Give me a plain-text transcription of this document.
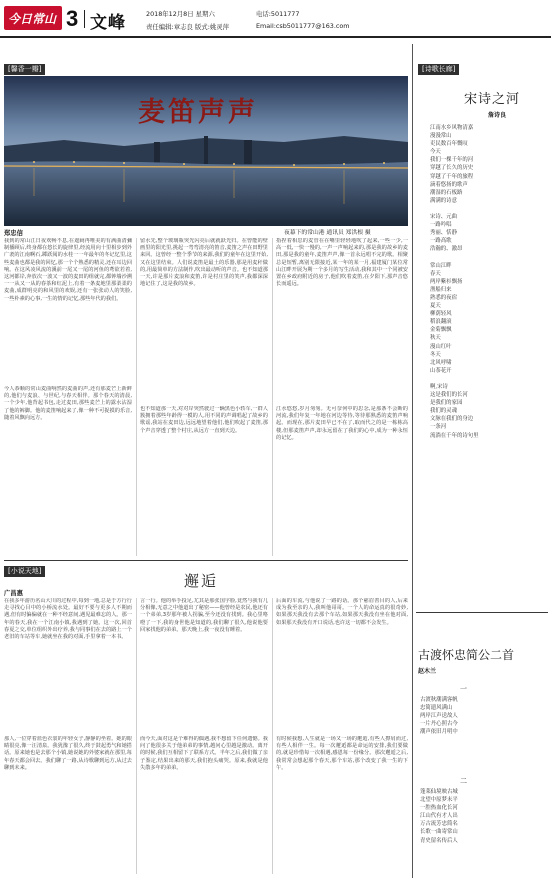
今日常山 3 文峰	2018年12月8日 星期六
责任编辑:章志良 版式:姚灵萍
电话:5011777
Email:csb5011777@163.com
[馨香一瓣]
麦笛声声
夜幕下的常山港 通讯员 郑洪根 摄
郑忠信
我到的常山江日夜欢畅不息,在遮阏再唯美的有满曲清彌制播顾后,终身都在悠长的旋律里,经流用向十里相步到外广袤的江南啊石,踯跃阅的水桂一一年最年的冬记忆里,这些麦曲也都是我的回忆,那一个个熟悉的精灵,还在耳边回响。在这风凌风流的溪前一尾又一尾的河鱼的鸢欲若着,这河都岸,奔放次一波又一波的麦田的组就完,都钟墙沙溯一一从又一从的春茶和红泥上,有着一条麦地里那柔柔的麦曲,成群明亮的和风里的欢娱,还有一张张动人的笑脸,一些朴素的心事,一生的情的记忆,那些年代的我们。
今人恭顺的常山麦曲响然的麦曲的声,还有那麦芒上新鲜的,他们与麦浪、与世纪,与春天相伴。那个春天的清晨,一个少年,他背起书包,走过麦田,那些麦芒上的露水沾湿了他的裤脚。他的麦笛响起来了,像一种不可捉摸的乐音,随着风飘向远方。
留水先,整个玻璃瓶突光闪亮后就就跃光归。在曾能的壁画里的阳光里,挑起一弯弯清亮的笛音,麦笛之声在田野里来回。这曾经一整个季节的来源,我们的童年在这里开始,又在这里结束。人们说麦笛是最土的乐器,那是用麦秆做的,用最简单的方法制作,吹出最动听的声音。也不知道那一天,许是那片麦浪和麦笛,许是村庄里的笑声,我都深深地记住了,这是我的故乡。
也不知道那一天,对对岸突然驶过一辆黑色小轿车,一群人簇拥着那些年龄得一模的人,用不同的声调唱起了故乡的歌谣,我站在麦田边,远远地望着他们,他们吹起了麦笛,那个声音穿透了整个村庄,从远方一直到天边。
指捏着相思的麦管在在嘴里轻轻地吹了起来,一些一少,一高一低,一快一慢的,一声一声响起来的,那是我的故乡的麦田,那是我的童年,麦笛声声,像一首永远唱不完的歌。相聚总是短暂,离别无限接近,某一年的某一月,福建厦门某位常山江畔开展为期一个多月的写生活动,我和其中一个同被安置在乡政府附近的房子,他们吹着麦笛,在夕阳下,那声音悠长而遥远。
江水悠悠,岁月匆匆。无可奈何中的思念,是那条不会断的河流,我们年复一年地在河边等待,等待那熟悉的麦笛声响起。而现在,那片麦田早已不在了,取而代之的是一栋栋高楼,但那麦笛声声,却永远留在了我们的心中,成为一种永恒的记忆。
[小说天地]
邂逅
广昌惠
在我多年游历名山大川的过程中,每到一地,总是于方行行走寻找心目中的小桥流水处。最好不要与更多人不期而遇,但有时偏偏就在一种不经意间,遇见最难忘的人。那一年的春天,我在一个江南小镇,我遇到了她。这一次,回首春夏之交,单位组织外出疗养,我与同事们在去的路上一个老旧的车站等车,她就坐在我的对面,手里拿着一本书。
那人,一位穿着蓝色衣裳的年轻女子,静静的坐着。她的眼睛很亮,像一汪清泉。我犹豫了很久,终于鼓起勇气和她搭话。原来她也是去那个小镇,她说她的外婆家就在那里,每年春天都会回去。我们聊了一路,从诗歌聊到远方,从过去聊到未来。
言一行。他的举手投足,尤其是那张国字脸,竟然与我有几分相像,无意之中他道出了秘密——他曾经是农民,他还有一个弟弟,3岁那年被人拐骗,至今还没有找到。我心里咯噔了一下,我的身世他是知道的,我们聊了很久,他说他要回家找他的弟弟。那天晚上,我一夜没有睡着。
而今天,面对这是个难得的偶遇,我不想留下任何遗憾。我问了他很多关于他弟弟的事情,越问心里越是激动。离开的时候,我们互相留下了联系方式。半年之后,我们做了亲子鉴定,结果出来的那天,我们抱头痛哭。原来,我就是他失散多年的弟弟。
后面的车流,与他说了一路的话。那个慈眉善目的人,后来成为我至亲的人,我叫他哥哥。一个人的命运真的很奇妙,如果那天我没有去那个车站,如果那天我没有坐在他对面,如果那天我没有开口说话,也许这一切都不会发生。
有时候我想,人生就是一场又一场的邂逅,有些人擦肩而过,有些人相伴一生。每一次邂逅都是命运的安排,我们要做的,就是珍惜每一次相遇,感恩每一份缘分。那次邂逅之后,我常常会想起那个春天,那个车站,那个改变了我一生的下午。
[诗歌长廊]
宋诗之河
詹诗良
江南水乡风物清嘉
漫漫常山
吏民数百年慨叹
今天
我们一棵千年的河
穿越了长久的历史
穿越了千年的旅程
滴着悠扬的歌声
潮湿的石板路
满满的诗意

宋诗、元曲
一路吟唱
秀丽、恬静
一路高歌
浩瀚的、激昂

常山江畔
春天
两岸紫衫飘扬
渔船归来
熟悉的夜宿
夏天
柳荫轻风
稻浪翻滚
金菊飘飘
秋天
漫山红叶
冬天
北风呼啸
山茶花开

啊,宋诗
这是我们的长河
是我们的家园
我们的灵魂
文脉在我们的身边
一条河
流淌在千年的诗句里
古渡怀忠简公二首
赵木兰
一
古渡秋潮满客帆
忠简遗风满山
两岸江声送故人
一片丹心照古今
潮声依旧月明中
二
蓬莱仙境映古城
北望中原梦未平
一腔热血化长河
江山代有才人出
万古流芳忠简名
长歌一曲寄常山
青史留名传后人
